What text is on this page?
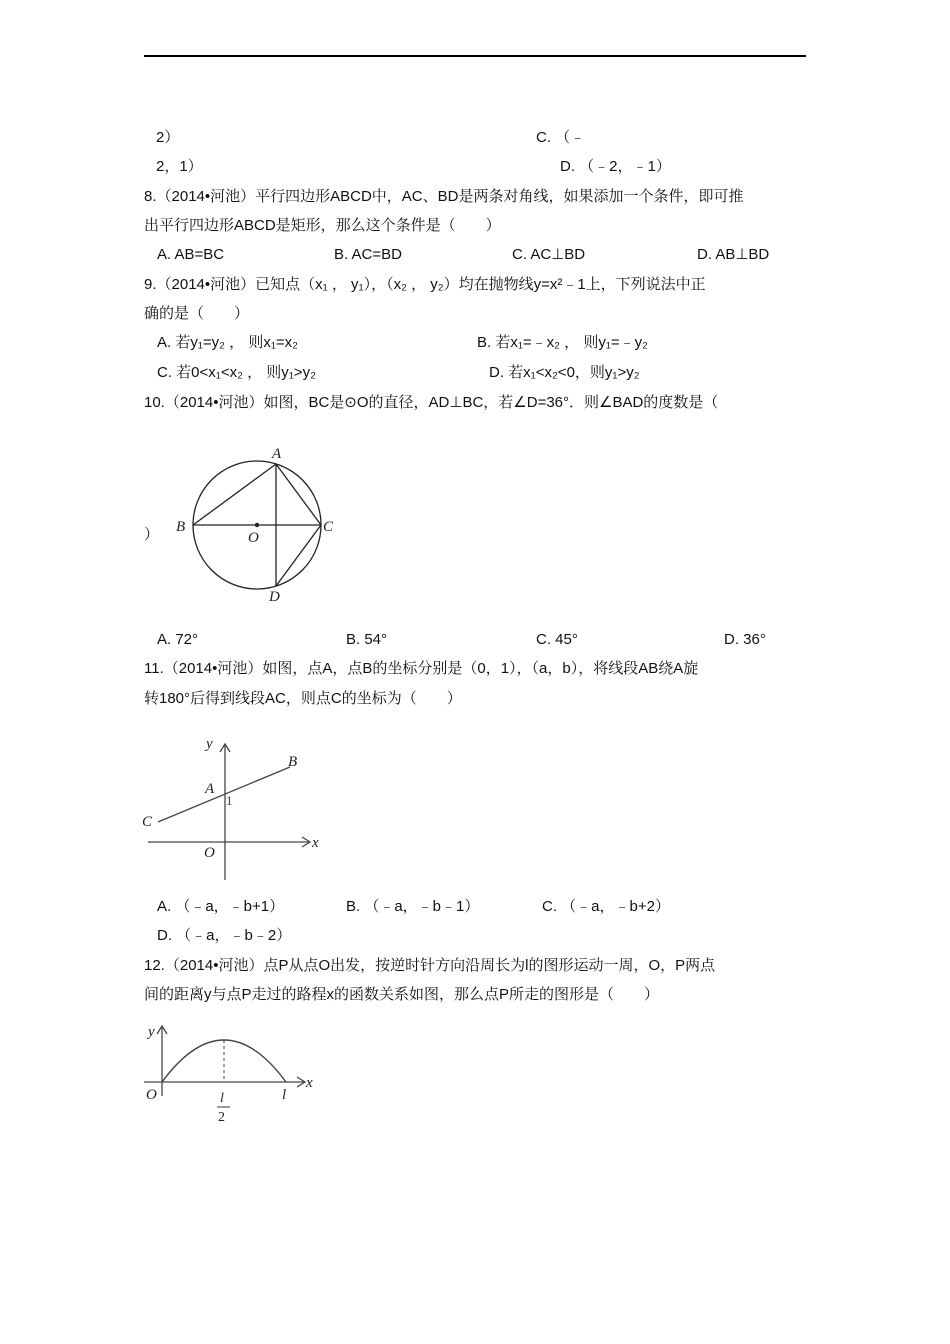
2）	C. （﹣
2，1）	D. （﹣2，﹣1）
8.（2014•河池）平行四边形ABCD中，AC、BD是两条对角线，如果添加一个条件，即可推
出平行四边形ABCD是矩形，那么这个条件是（　　）
A. AB=BC	B. AC=BD	C. AC⊥BD	D. AB⊥BD
9.（2014•河池）已知点（x₁ ， y₁），（x₂ ， y₂）均在抛物线y=x²﹣1上，下列说法中正
确的是（　　）
A. 若y₁=y₂ ， 则x₁=x₂	B. 若x₁=﹣x₂ ， 则y₁=﹣y₂
C. 若0<x₁<x₂ ， 则y₁>y₂	D. 若x₁<x₂<0，则y₁>y₂
10.（2014•河池）如图，BC是⊙O的直径，AD⊥BC，若∠D=36°．则∠BAD的度数是（
）
A
B	C
D
O
A. 72°	B. 54°	C. 45°	D. 36°
11.（2014•河池）如图，点A，点B的坐标分别是（0，1），（a，b），将线段AB绕A旋
转180°后得到线段AC，则点C的坐标为（　　）
y
x
B
A
1
C
O
A. （﹣a，﹣b+1）	B. （﹣a，﹣b﹣1）	C. （﹣a，﹣b+2）
D. （﹣a，﹣b﹣2）
12.（2014•河池）点P从点O出发，按逆时针方向沿周长为l的图形运动一周，O，P两点
间的距离y与点P走过的路程x的函数关系如图，那么点P所走的图形是（　　）
y
x
O	l
2
l
